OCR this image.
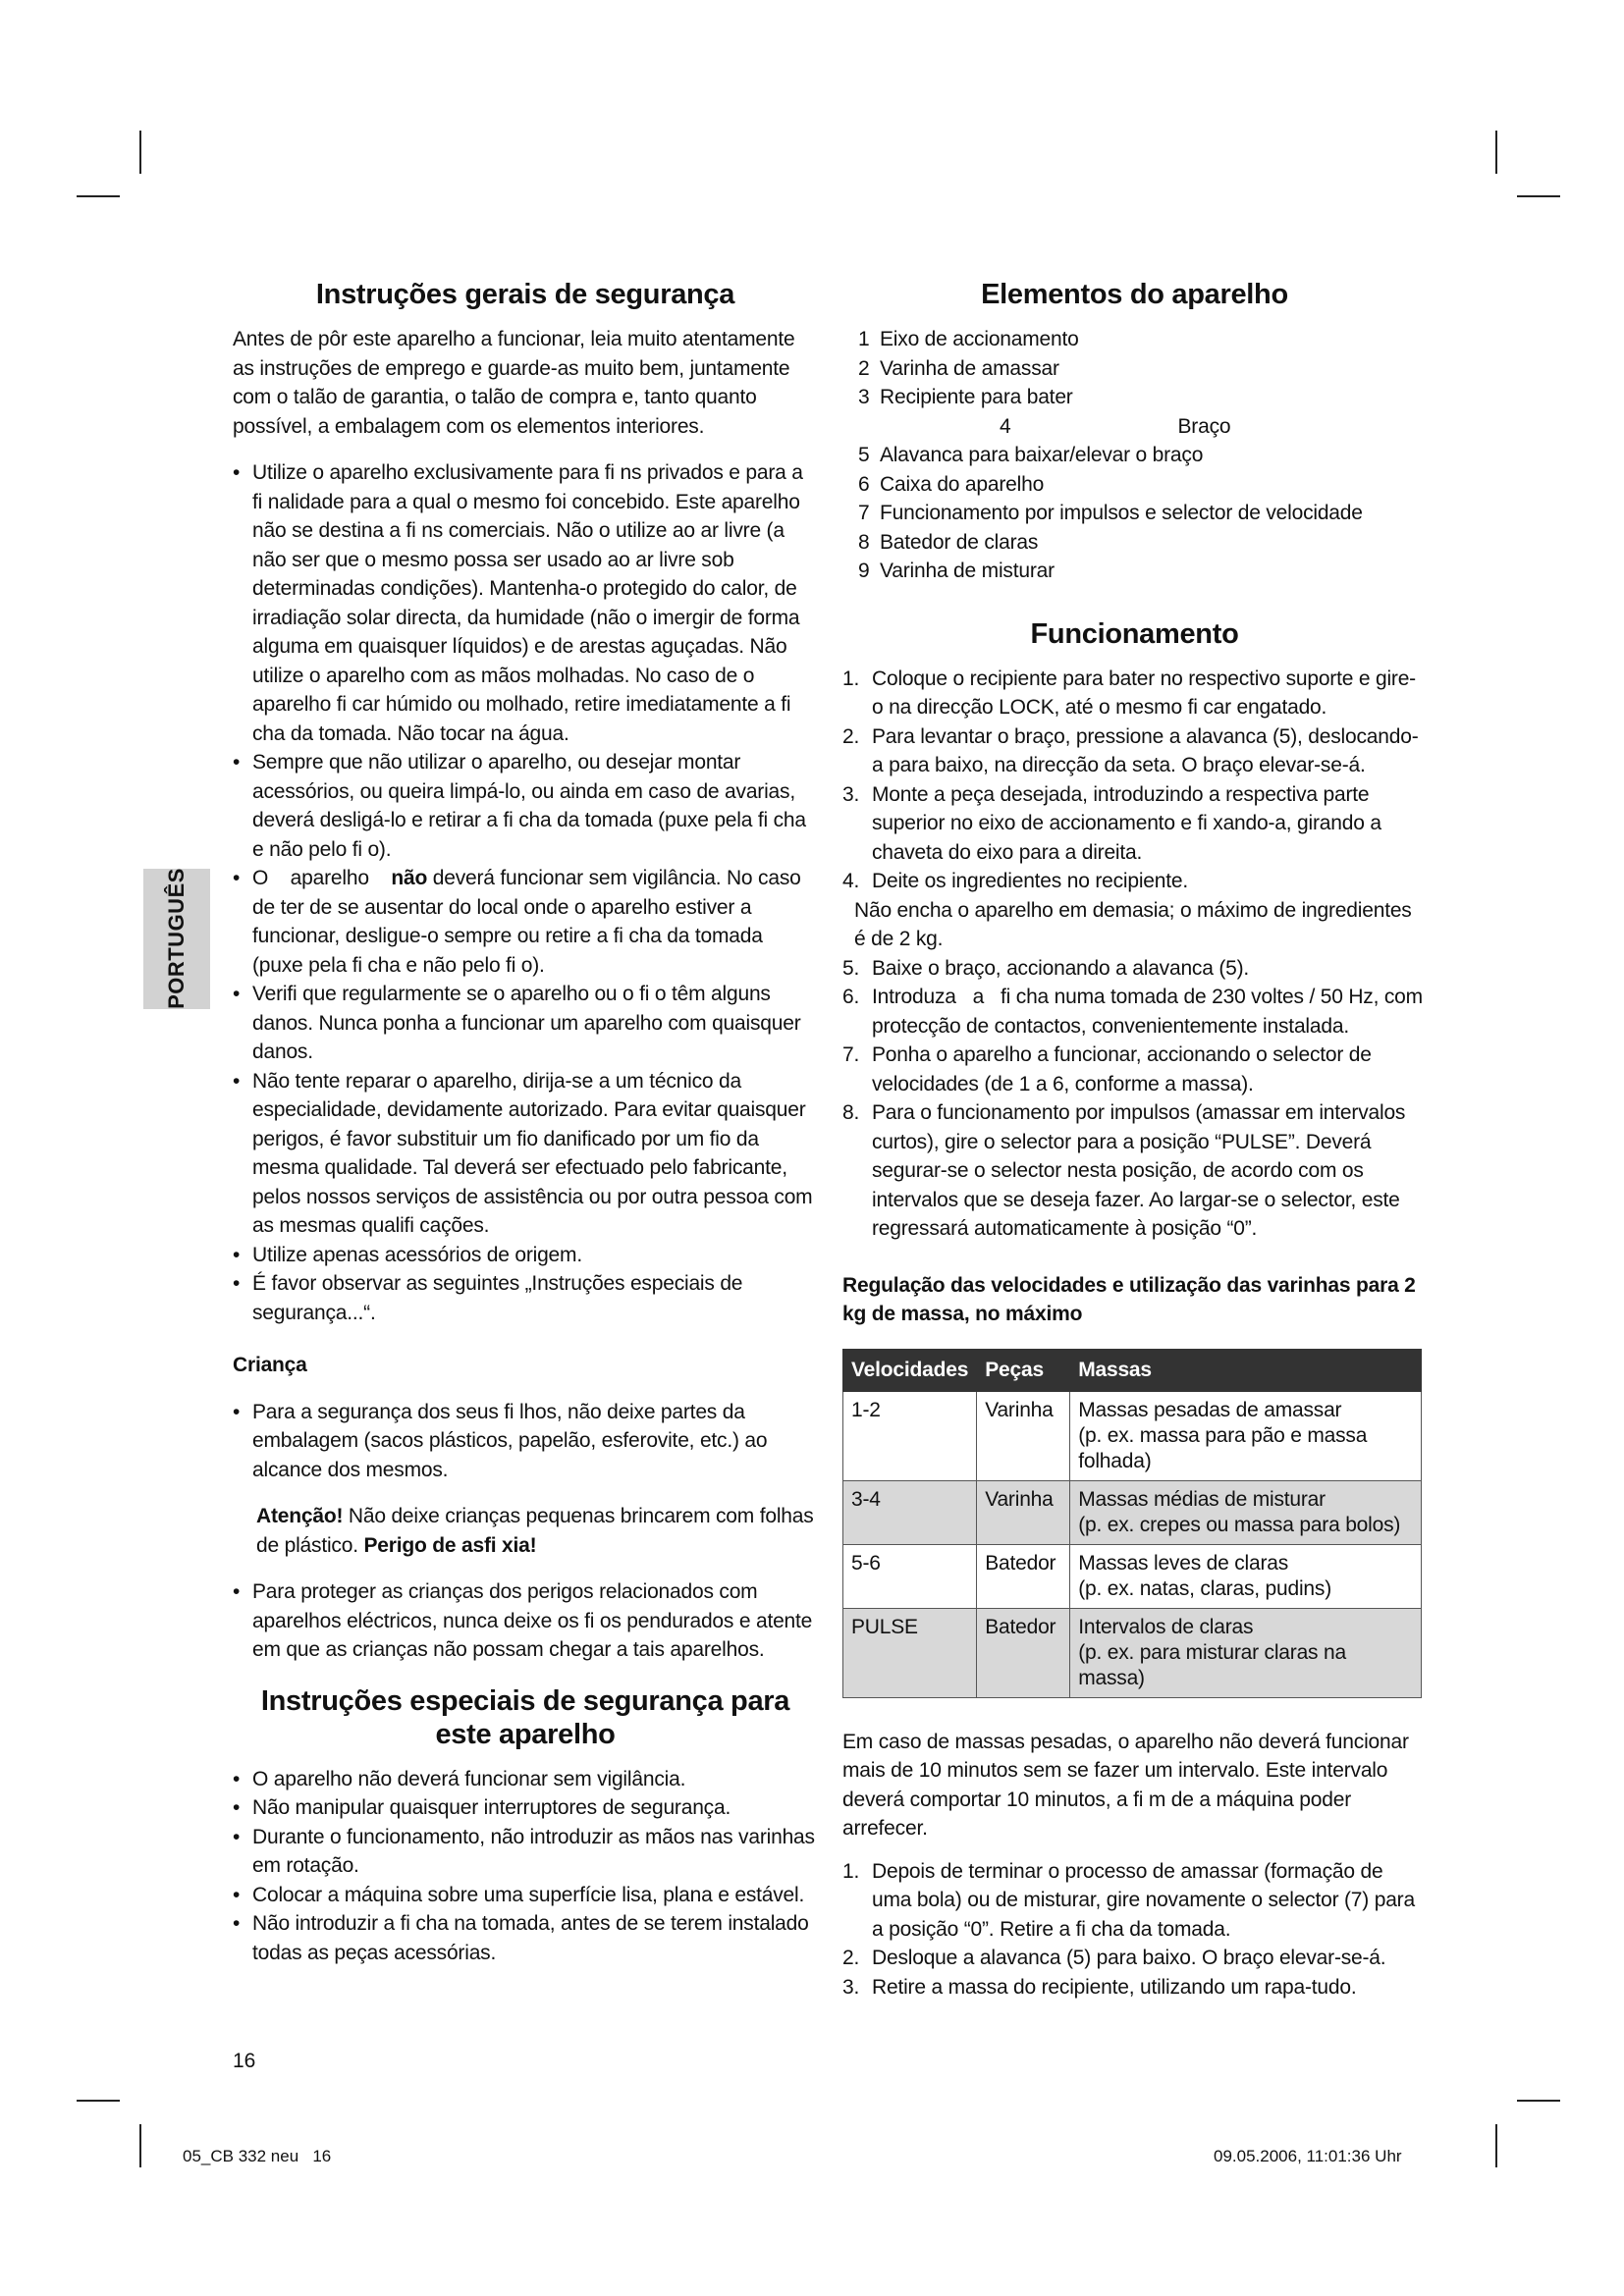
PORTUGUÊS
Instruções gerais de segurança

Antes de pôr este aparelho a funcionar, leia muito atentamente as instruções de emprego e guarde-as muito bem, juntamente com o talão de garantia, o talão de compra e, tanto quanto possível, a embalagem com os elementos interiores.

• Utilize o aparelho exclusivamente para fi ns privados e para a fi nalidade para a qual o mesmo foi concebido. Este aparelho não se destina a fi ns comerciais. Não o utilize ao ar livre (a não ser que o mesmo possa ser usado ao ar livre sob determinadas condições). Mantenha-o protegido do calor, de irradiação solar directa, da humidade (não o imergir de forma alguma em quaisquer líquidos) e de arestas aguçadas. Não utilize o aparelho com as mãos molhadas. No caso de o aparelho fi car húmido ou molhado, retire imediatamente a fi cha da tomada. Não tocar na água.
• Sempre que não utilizar o aparelho, ou desejar montar acessórios, ou queira limpá-lo, ou ainda em caso de avarias, deverá desligá-lo e retirar a fi cha da tomada (puxe pela fi cha e não pelo fi o).
• O    aparelho    não deverá funcionar sem vigilância. No caso de ter de se ausentar do local onde o aparelho estiver a funcionar, desligue-o sempre ou retire a fi cha da tomada (puxe pela fi cha e não pelo fi o).
• Verifi que regularmente se o aparelho ou o fi o têm alguns danos. Nunca ponha a funcionar um aparelho com quaisquer danos.
• Não tente reparar o aparelho, dirija-se a um técnico da especialidade, devidamente autorizado. Para evitar quaisquer perigos, é favor substituir um fio danificado por um fio da mesma qualidade. Tal deverá ser efectuado pelo fabricante, pelos nossos serviços de assistência ou por outra pessoa com as mesmas qualifi cações.
• Utilize apenas acessórios de origem.
• É favor observar as seguintes „Instruções especiais de segurança...“.
Criança
• Para a segurança dos seus fi lhos, não deixe partes da embalagem (sacos plásticos, papelão, esferovite, etc.) ao alcance dos mesmos.

Atenção! Não deixe crianças pequenas brincarem com folhas de plástico. Perigo de asfi xia!

• Para proteger as crianças dos perigos relacionados com aparelhos eléctricos, nunca deixe os fi os pendurados e atente em que as crianças não possam chegar a tais aparelhos.
Instruções especiais de segurança para este aparelho
• O aparelho não deverá funcionar sem vigilância.
• Não manipular quaisquer interruptores de segurança.
• Durante o funcionamento, não introduzir as mãos nas varinhas em rotação.
• Colocar a máquina sobre uma superfície lisa, plana e estável.
• Não introduzir a fi cha na tomada, antes de se terem instalado todas as peças acessórias.
Elementos do aparelho
1 Eixo de accionamento
2 Varinha de amassar
3 Recipiente para bater
4	Braço
5 Alavanca para baixar/elevar o braço
6 Caixa do aparelho
7 Funcionamento por impulsos e selector de velocidade
8 Batedor de claras
9 Varinha de misturar
Funcionamento
1. Coloque o recipiente para bater no respectivo suporte e gire-o na direcção LOCK, até o mesmo fi car engatado.
2. Para levantar o braço, pressione a alavanca (5), deslocando-a para baixo, na direcção da seta. O braço elevar-se-á.
3. Monte a peça desejada, introduzindo a respectiva parte superior no eixo de accionamento e fi xando-a, girando a chaveta do eixo para a direita.
4. Deite os ingredientes no recipiente.

Não encha o aparelho em demasia; o máximo de ingredientes é de 2 kg.

5. Baixe o braço, accionando a alavanca (5).
6. Introduza   a   fi cha numa tomada de 230 voltes / 50 Hz, com protecção de contactos, convenientemente instalada.
7. Ponha o aparelho a funcionar, accionando o selector de velocidades (de 1 a 6, conforme a massa).
8. Para o funcionamento por impulsos (amassar em intervalos curtos), gire o selector para a posição “PULSE”. Deverá segurar-se o selector nesta posição, de acordo com os intervalos que se deseja fazer. Ao largar-se o selector, este regressará automaticamente à posição “0”.
Regulação das velocidades e utilização das varinhas para 2 kg de massa, no máximo
Velocidades	Peças	Massas
1-2	Varinha	Massas pesadas de amassar
(p. ex. massa para pão e massa folhada)

3-4	Varinha	Massas médias de misturar
(p. ex. crepes ou massa para bolos)

5-6	Batedor	Massas leves de claras
(p. ex. natas, claras, pudins)

PULSE	Batedor	Intervalos de claras
(p. ex. para misturar claras na massa)

Em caso de massas pesadas, o aparelho não deverá funcionar mais de 10 minutos sem se fazer um intervalo. Este intervalo deverá comportar 10 minutos, a fi m de a máquina poder arrefecer.

1. Depois de terminar o processo de amassar (formação de uma bola) ou de misturar, gire novamente o selector (7) para a posição “0”. Retire a fi cha da tomada.
2. Desloque a alavanca (5) para baixo. O braço elevar-se-á.
3. Retire a massa do recipiente, utilizando um rapa-tudo.
16
05_CB 332 neu   16	09.05.2006, 11:01:36 Uhr
